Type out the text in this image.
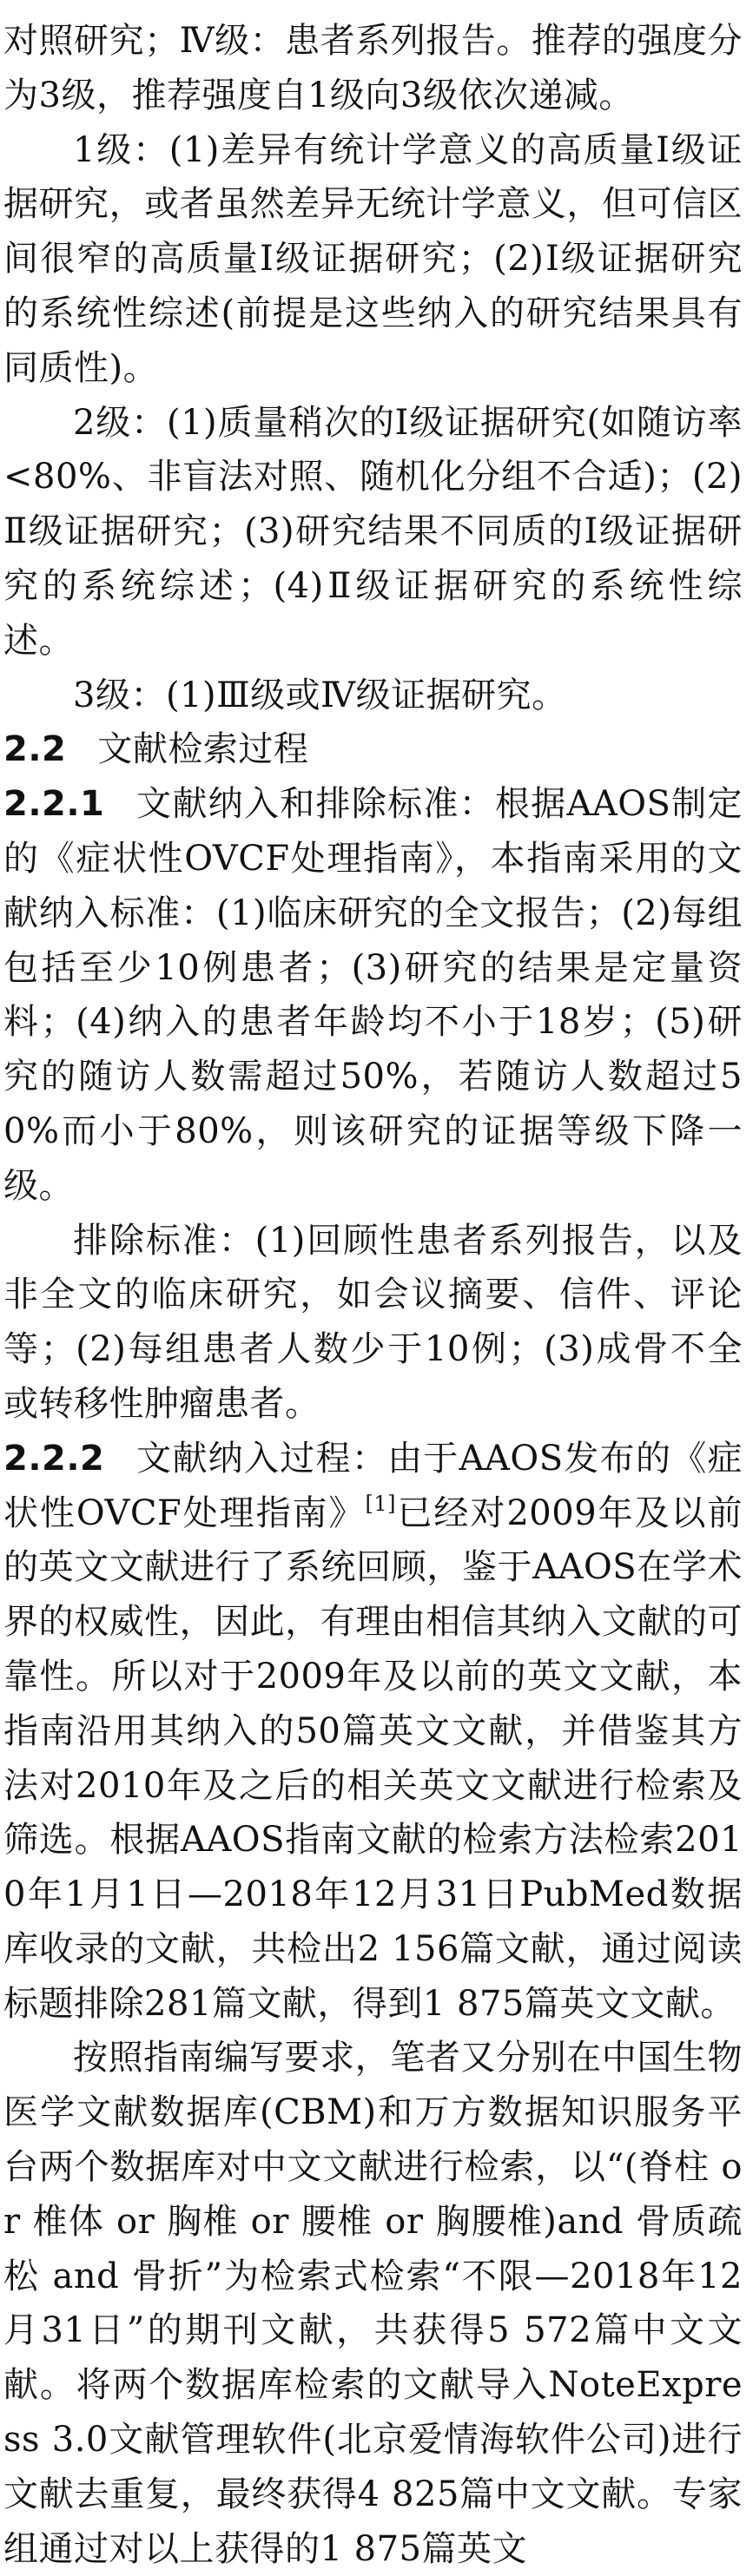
对照研究；Ⅳ级：患者系列报告。推荐的强度分为3级，推荐强度自1级向3级依次递减。

1级：(1)差异有统计学意义的高质量Ⅰ级证据研究，或者虽然差异无统计学意义，但可信区间很窄的高质量Ⅰ级证据研究；(2)Ⅰ级证据研究的系统性综述(前提是这些纳入的研究结果具有同质性)。

2级：(1)质量稍次的Ⅰ级证据研究(如随访率<80%、非盲法对照、随机化分组不合适)；(2)Ⅱ级证据研究；(3)研究结果不同质的Ⅰ级证据研究的系统综述；(4)Ⅱ级证据研究的系统性综述。

3级：(1)Ⅲ级或Ⅳ级证据研究。

2.2 文献检索过程

2.2.1 文献纳入和排除标准：根据AAOS制定的《症状性OVCF处理指南》，本指南采用的文献纳入标准：(1)临床研究的全文报告；(2)每组包括至少10例患者；(3)研究的结果是定量资料；(4)纳入的患者年龄均不小于18岁；(5)研究的随访人数需超过50%，若随访人数超过50%而小于80%，则该研究的证据等级下降一级。

排除标准：(1)回顾性患者系列报告，以及非全文的临床研究，如会议摘要、信件、评论等；(2)每组患者人数少于10例；(3)成骨不全或转移性肿瘤患者。

2.2.2 文献纳入过程：由于AAOS发布的《症状性OVCF处理指南》[1]已经对2009年及以前的英文文献进行了系统回顾，鉴于AAOS在学术界的权威性，因此，有理由相信其纳入文献的可靠性。所以对于2009年及以前的英文文献，本指南沿用其纳入的50篇英文文献，并借鉴其方法对2010年及之后的相关英文文献进行检索及筛选。根据AAOS指南文献的检索方法检索2010年1月1日—2018年12月31日PubMed数据库收录的文献，共检出2 156篇文献，通过阅读标题排除281篇文献，得到1 875篇英文文献。

按照指南编写要求，笔者又分别在中国生物医学文献数据库(CBM)和万方数据知识服务平台两个数据库对中文文献进行检索，以“(脊柱 or 椎体 or 胸椎 or 腰椎 or 胸腰椎)and 骨质疏松 and 骨折”为检索式检索“不限—2018年12月31日”的期刊文献，共获得5 572篇中文文献。将两个数据库检索的文献导入NoteExpress 3.0文献管理软件(北京爱情海软件公司)进行文献去重复，最终获得4 825篇中文文献。专家组通过对以上获得的1 875篇英文
